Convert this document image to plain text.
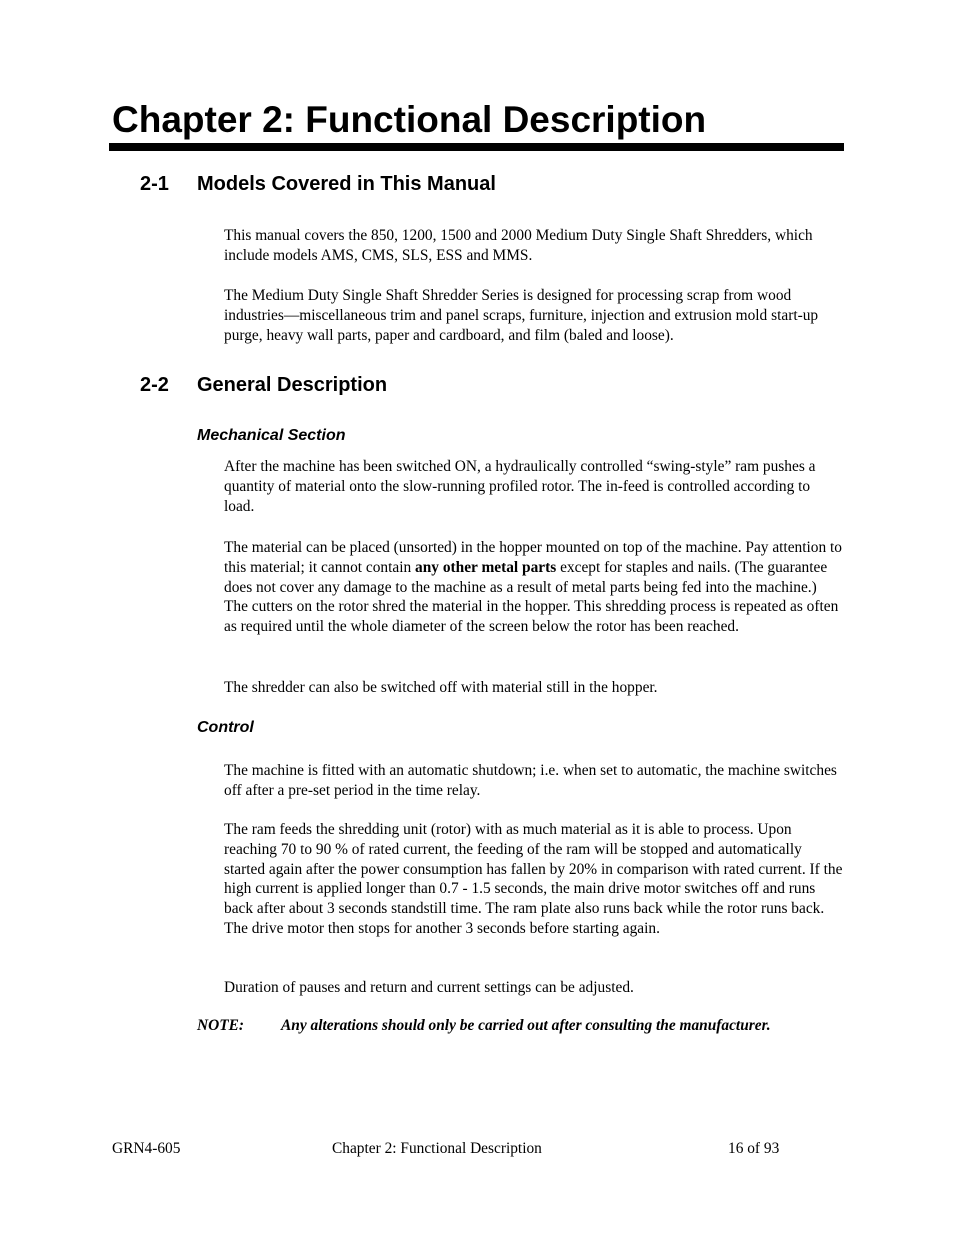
Chapter 2: Functional Description
2-1 Models Covered in This Manual

This manual covers the 850, 1200, 1500 and 2000 Medium Duty Single Shaft Shredders, which include models AMS, CMS, SLS, ESS and MMS.

The Medium Duty Single Shaft Shredder Series is designed for processing scrap from wood industries—miscellaneous trim and panel scraps, furniture, injection and extrusion mold start-up purge, heavy wall parts, paper and cardboard, and film (baled and loose).

2-2 General Description
Mechanical Section

After the machine has been switched ON, a hydraulically controlled “swing-style” ram pushes a quantity of material onto the slow-running profiled rotor. The in-feed is controlled according to load.

The material can be placed (unsorted) in the hopper mounted on top of the machine. Pay attention to this material; it cannot contain any other metal parts except for staples and nails. (The guarantee does not cover any damage to the machine as a result of metal parts being fed into the machine.) The cutters on the rotor shred the material in the hopper. This shredding process is repeated as often as required until the whole diameter of the screen below the rotor has been reached.

The shredder can also be switched off with material still in the hopper.

Control

The machine is fitted with an automatic shutdown; i.e. when set to automatic, the machine switches off after a pre-set period in the time relay.

The ram feeds the shredding unit (rotor) with as much material as it is able to process. Upon reaching 70 to 90 % of rated current, the feeding of the ram will be stopped and automatically started again after the power consumption has fallen by 20% in comparison with rated current. If the high current is applied longer than 0.7 - 1.5 seconds, the main drive motor switches off and runs back after about 3 seconds standstill time. The ram plate also runs back while the rotor runs back. The drive motor then stops for another 3 seconds before starting again.

Duration of pauses and return and current settings can be adjusted.

NOTE: Any alterations should only be carried out after consulting the manufacturer.

GRN4-605	Chapter 2: Functional Description	16 of 93
